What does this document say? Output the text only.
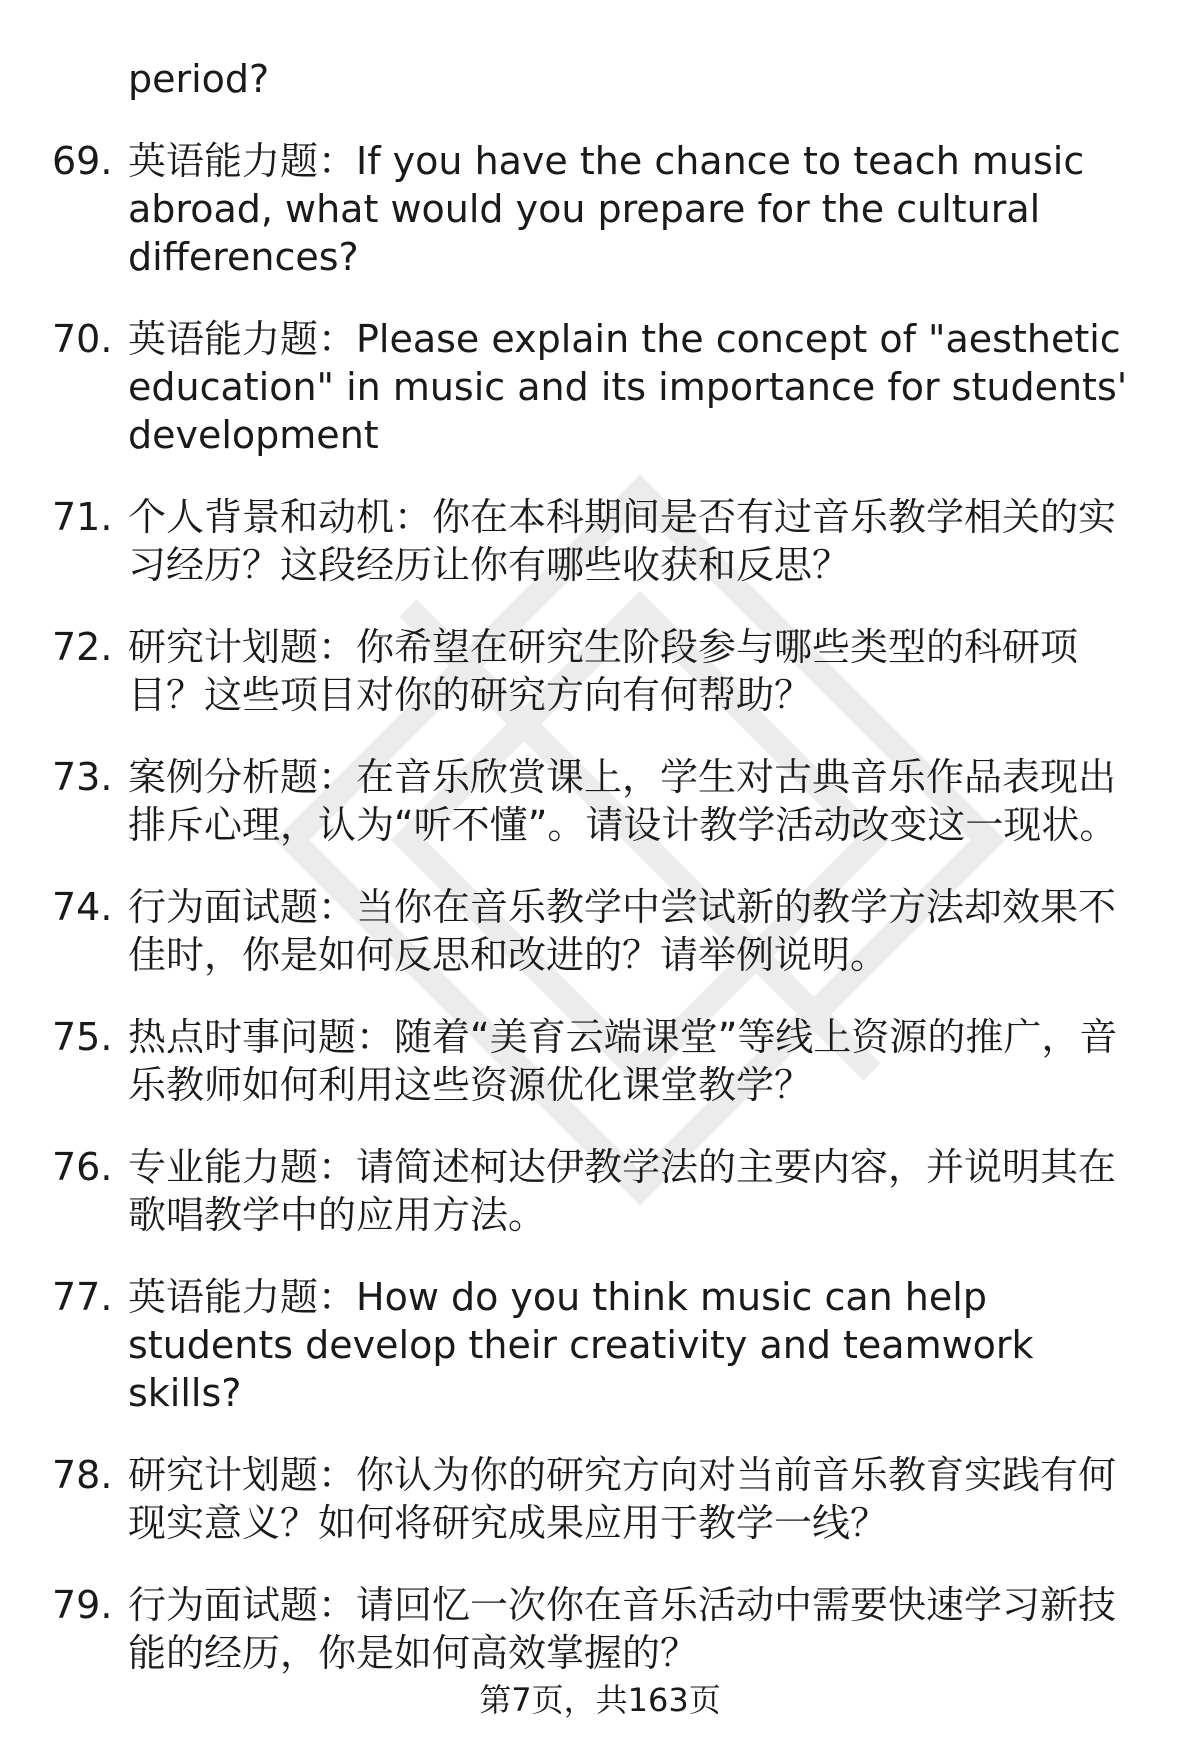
period?
69. 英语能力题：If you have the chance to teach music abroad, what would you prepare for the cultural differences?
70. 英语能力题：Please explain the concept of "aesthetic education" in music and its importance for students' development
71. 个人背景和动机：你在本科期间是否有过音乐教学相关的实习经历？这段经历让你有哪些收获和反思？
72. 研究计划题：你希望在研究生阶段参与哪些类型的科研项目？这些项目对你的研究方向有何帮助？
73. 案例分析题：在音乐欣赏课上，学生对古典音乐作品表现出排斥心理，认为“听不懂”。请设计教学活动改变这一现状。
74. 行为面试题：当你在音乐教学中尝试新的教学方法却效果不佳时，你是如何反思和改进的？请举例说明。
75. 热点时事问题：随着“美育云端课堂”等线上资源的推广，音乐教师如何利用这些资源优化课堂教学？
76. 专业能力题：请简述柯达伊教学法的主要内容，并说明其在歌唱教学中的应用方法。
77. 英语能力题：How do you think music can help students develop their creativity and teamwork skills?
78. 研究计划题：你认为你的研究方向对当前音乐教育实践有何现实意义？如何将研究成果应用于教学一线？
79. 行为面试题：请回忆一次你在音乐活动中需要快速学习新技能的经历，你是如何高效掌握的？
第7页，共163页
